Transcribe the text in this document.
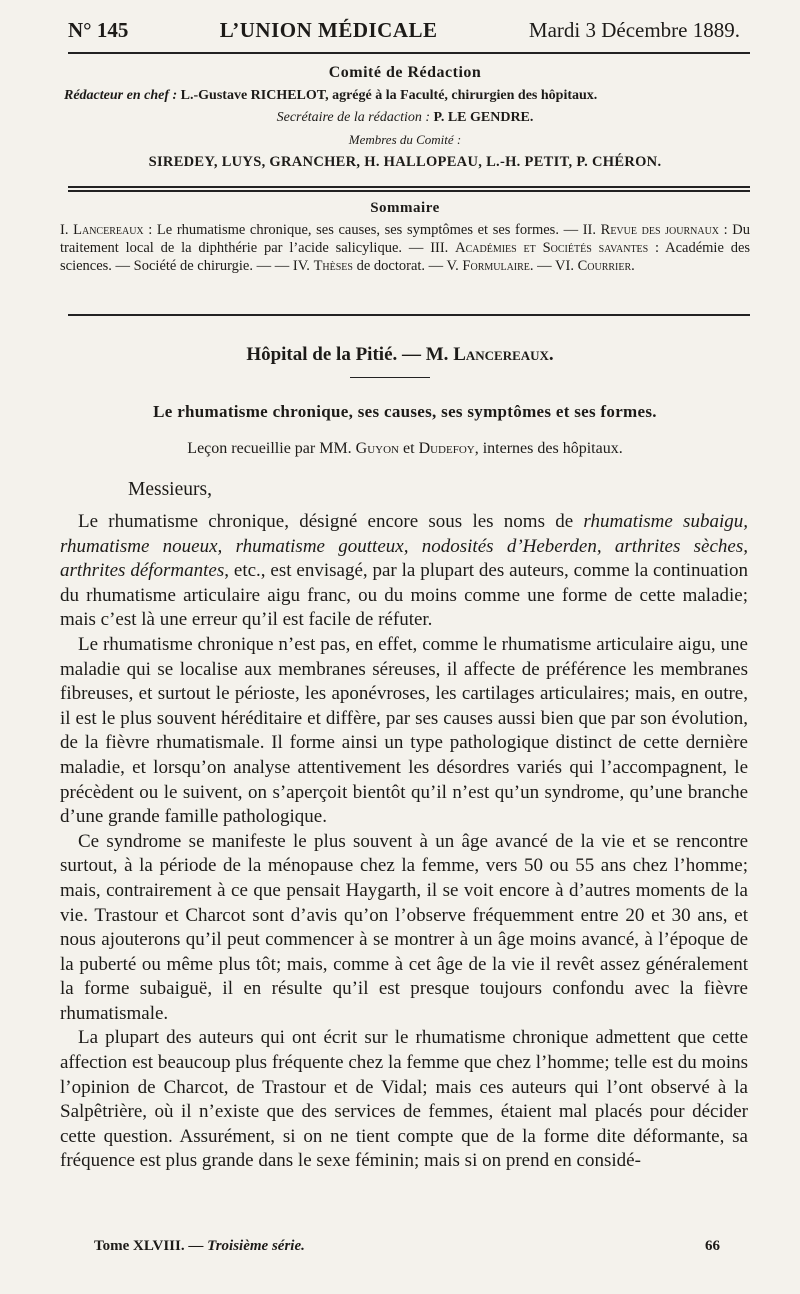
N° 145	L’UNION MÉDICALE	Mardi 3 Décembre 1889.
Comité de Rédaction
Rédacteur en chef : L.-Gustave RICHELOT, agrégé à la Faculté, chirurgien des hôpitaux.
Secrétaire de la rédaction : P. LE GENDRE.
Membres du Comité :
SIREDEY, LUYS, GRANCHER, H. HALLOPEAU, L.-H. PETIT, P. CHÉRON.
Sommaire

I. Lancereaux : Le rhumatisme chronique, ses causes, ses symptômes et ses formes. — II. Revue des journaux : Du traitement local de la diphthérie par l’acide salicylique. — III. Académies et Sociétés savantes : Académie des sciences. — Société de chirurgie. — — IV. Thèses de doctorat. — V. Formulaire. — VI. Courrier.

Hôpital de la Pitié. — M. Lancereaux.
Le rhumatisme chronique, ses causes, ses symptômes et ses formes.
Leçon recueillie par MM. Guyon et Dudefoy, internes des hôpitaux.
Messieurs,

Le rhumatisme chronique, désigné encore sous les noms de rhumatisme subaigu, rhumatisme noueux, rhumatisme goutteux, nodosités d’Heberden, arthrites sèches, arthrites déformantes, etc., est envisagé, par la plupart des auteurs, comme la continuation du rhumatisme articulaire aigu franc, ou du moins comme une forme de cette maladie; mais c’est là une erreur qu’il est facile de réfuter.

Le rhumatisme chronique n’est pas, en effet, comme le rhumatisme articulaire aigu, une maladie qui se localise aux membranes séreuses, il affecte de préférence les membranes fibreuses, et surtout le périoste, les aponévroses, les cartilages articulaires; mais, en outre, il est le plus souvent héréditaire et diffère, par ses causes aussi bien que par son évolution, de la fièvre rhumatismale. Il forme ainsi un type pathologique distinct de cette dernière maladie, et lorsqu’on analyse attentivement les désordres variés qui l’accompagnent, le précèdent ou le suivent, on s’aperçoit bientôt qu’il n’est qu’un syndrome, qu’une branche d’une grande famille pathologique.

Ce syndrome se manifeste le plus souvent à un âge avancé de la vie et se rencontre surtout, à la période de la ménopause chez la femme, vers 50 ou 55 ans chez l’homme; mais, contrairement à ce que pensait Haygarth, il se voit encore à d’autres moments de la vie. Trastour et Charcot sont d’avis qu’on l’observe fréquemment entre 20 et 30 ans, et nous ajouterons qu’il peut commencer à se montrer à un âge moins avancé, à l’époque de la puberté ou même plus tôt; mais, comme à cet âge de la vie il revêt assez généralement la forme subaiguë, il en résulte qu’il est presque toujours confondu avec la fièvre rhumatismale.

La plupart des auteurs qui ont écrit sur le rhumatisme chronique admettent que cette affection est beaucoup plus fréquente chez la femme que chez l’homme; telle est du moins l’opinion de Charcot, de Trastour et de Vidal; mais ces auteurs qui l’ont observé à la Salpêtrière, où il n’existe que des services de femmes, étaient mal placés pour décider cette question. Assurément, si on ne tient compte que de la forme dite déformante, sa fréquence est plus grande dans le sexe féminin; mais si on prend en considé-

Tome XLVIII. — Troisième série.	66
